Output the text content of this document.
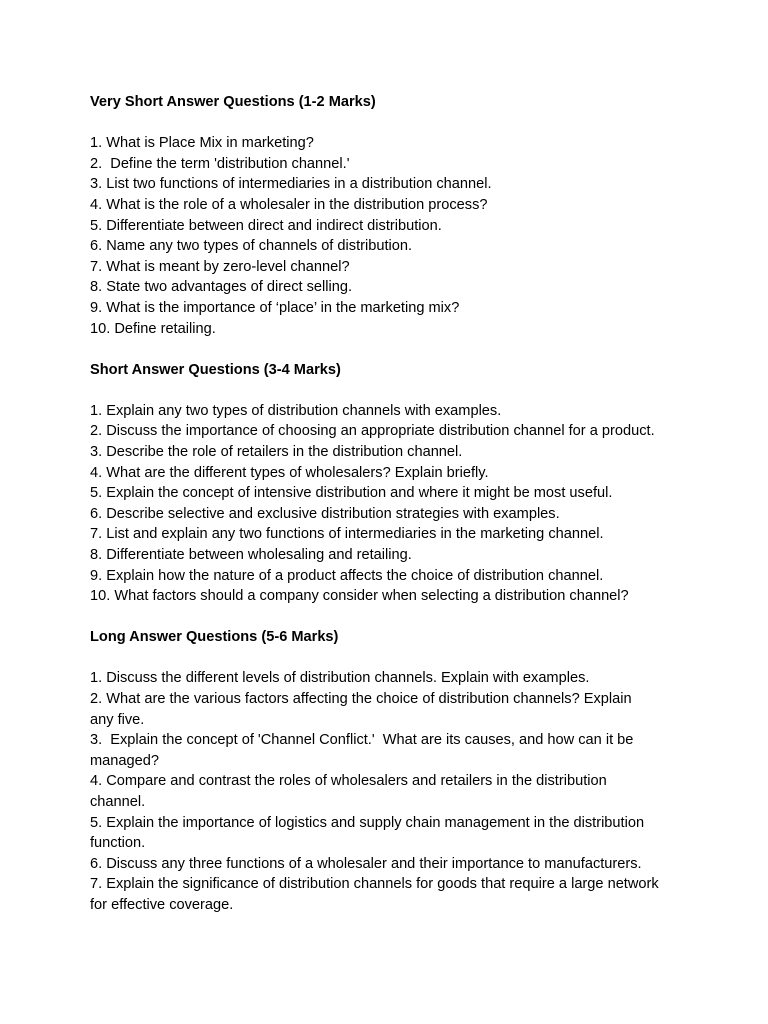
Very Short Answer Questions (1-2 Marks)

1. What is Place Mix in marketing?
2.  Define the term 'distribution channel.'
3. List two functions of intermediaries in a distribution channel.
4. What is the role of a wholesaler in the distribution process?
5. Differentiate between direct and indirect distribution.
6. Name any two types of channels of distribution.
7. What is meant by zero-level channel?
8. State two advantages of direct selling.
9. What is the importance of ‘place’ in the marketing mix?
10. Define retailing.

Short Answer Questions (3-4 Marks)

1. Explain any two types of distribution channels with examples.
2. Discuss the importance of choosing an appropriate distribution channel for a product.
3. Describe the role of retailers in the distribution channel.
4. What are the different types of wholesalers? Explain briefly.
5. Explain the concept of intensive distribution and where it might be most useful.
6. Describe selective and exclusive distribution strategies with examples.
7. List and explain any two functions of intermediaries in the marketing channel.
8. Differentiate between wholesaling and retailing.
9. Explain how the nature of a product affects the choice of distribution channel.
10. What factors should a company consider when selecting a distribution channel?

Long Answer Questions (5-6 Marks)

1. Discuss the different levels of distribution channels. Explain with examples.
2. What are the various factors affecting the choice of distribution channels? Explain
any five.
3.  Explain the concept of 'Channel Conflict.'  What are its causes, and how can it be
managed?
4. Compare and contrast the roles of wholesalers and retailers in the distribution
channel.
5. Explain the importance of logistics and supply chain management in the distribution
function.
6. Discuss any three functions of a wholesaler and their importance to manufacturers.
7. Explain the significance of distribution channels for goods that require a large network
for effective coverage.
